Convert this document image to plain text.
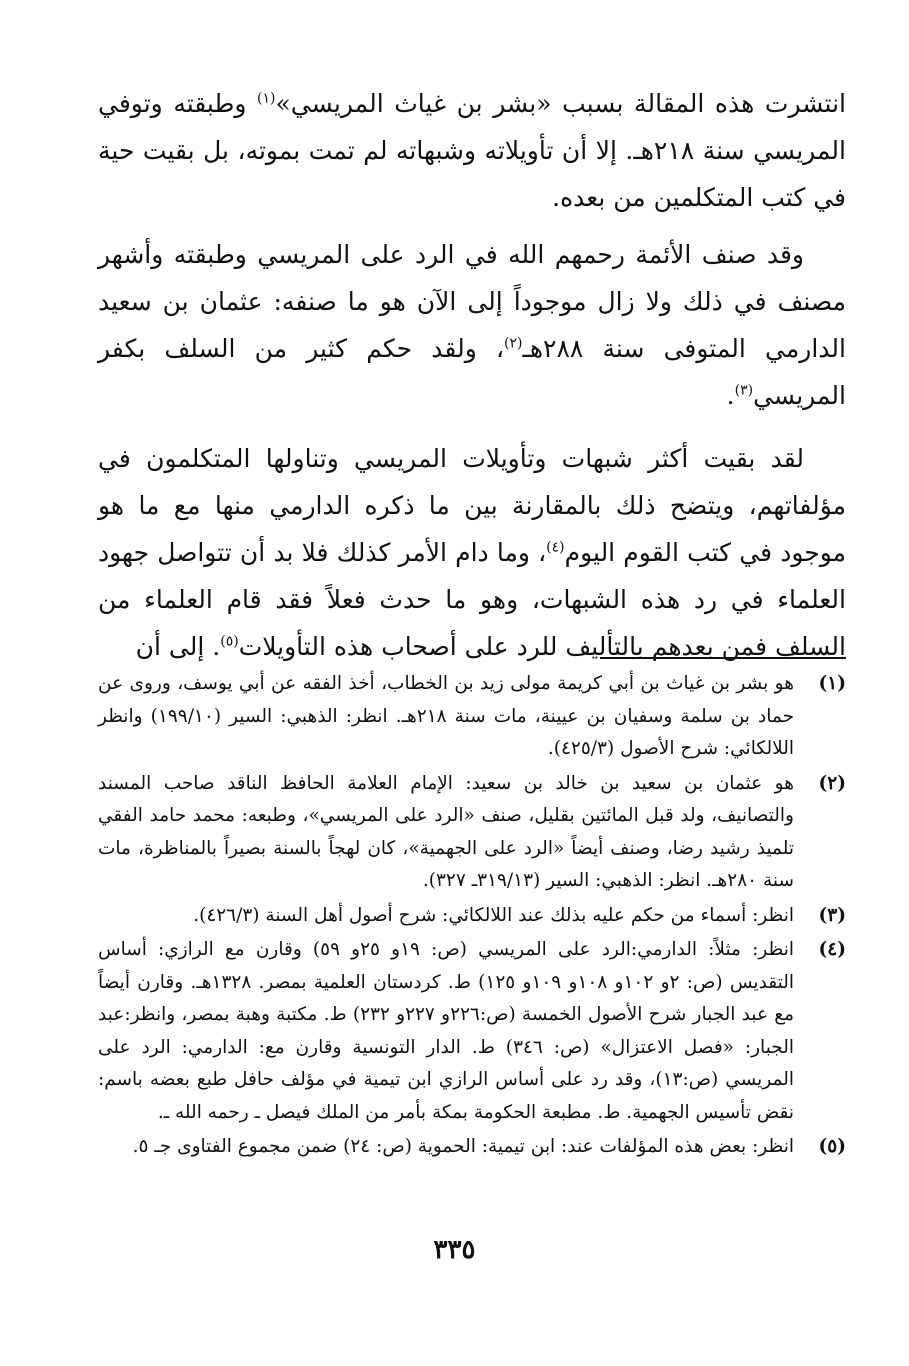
انتشرت هذه المقالة بسبب «بشر بن غياث المريسي»$^{(١)}$ وطبقته وتوفي المريسي سنة ٢١٨هـ. إلا أن تأويلاته وشبهاته لم تمت بموته، بل بقيت حية في كتب المتكلمين من بعده.

وقد صنف الأئمة رحمهم الله في الرد على المريسي وطبقته وأشهر مصنف في ذلك ولا زال موجوداً إلى الآن هو ما صنفه: عثمان بن سعيد الدارمي المتوفى سنة ٢٨٨هـ$^{(٢)}$، ولقد حكم كثير من السلف بكفر المريسي$^{(٣)}$.

لقد بقيت أكثر شبهات وتأويلات المريسي وتناولها المتكلمون في مؤلفاتهم، ويتضح ذلك بالمقارنة بين ما ذكره الدارمي منها مع ما هو موجود في كتب القوم اليوم$^{(٤)}$، وما دام الأمر كذلك فلا بد أن تتواصل جهود العلماء في رد هذه الشبهات، وهو ما حدث فعلاً فقد قام العلماء من السلف فمن بعدهم بالتأليف للرد على أصحاب هذه التأويلات$^{(٥)}$. إلى أن

(١)
هو بشر بن غياث بن أبي كريمة مولى زيد بن الخطاب، أخذ الفقه عن أبي يوسف، وروى عن حماد بن سلمة وسفيان بن عيينة، مات سنة ٢١٨هـ. انظر: الذهبي: السير (١٩٩/١٠) وانظر اللالكائي: شرح الأصول (٤٢٥/٣).
(٢)
هو عثمان بن سعيد بن خالد بن سعيد: الإمام العلامة الحافظ الناقد صاحب المسند والتصانيف، ولد قبل المائتين بقليل، صنف «الرد على المريسي»، وطبعه: محمد حامد الفقي تلميذ رشيد رضا، وصنف أيضاً «الرد على الجهمية»، كان لهجاً بالسنة بصيراً بالمناظرة، مات سنة ٢٨٠هـ. انظر: الذهبي: السير (٣١٩/١٣ـ ٣٢٧).
(٣)
انظر: أسماء من حكم عليه بذلك عند اللالكائي: شرح أصول أهل السنة (٤٢٦/٣).
(٤)
انظر: مثلاً: الدارمي:الرد على المريسي (ص: ١٩و ٢٥و ٥٩) وقارن مع الرازي: أساس التقديس (ص: ٢و ١٠٢و ١٠٨و ١٠٩و ١٢٥) ط. كردستان العلمية بمصر. ١٣٢٨هـ. وقارن أيضاً مع عبد الجبار شرح الأصول الخمسة (ص:٢٢٦و ٢٢٧و ٢٣٢) ط. مكتبة وهبة بمصر، وانظر:عبد الجبار: «فصل الاعتزال» (ص: ٣٤٦) ط. الدار التونسية وقارن مع: الدارمي: الرد على المريسي (ص:١٣)، وقد رد على أساس الرازي ابن تيمية في مؤلف حافل طبع بعضه باسم: نقض تأسيس الجهمية. ط. مطبعة الحكومة بمكة بأمر من الملك فيصل ـ رحمه الله ـ.
(٥)
انظر: بعض هذه المؤلفات عند: ابن تيمية: الحموية (ص: ٢٤) ضمن مجموع الفتاوى جـ ٥.
٣٣٥
